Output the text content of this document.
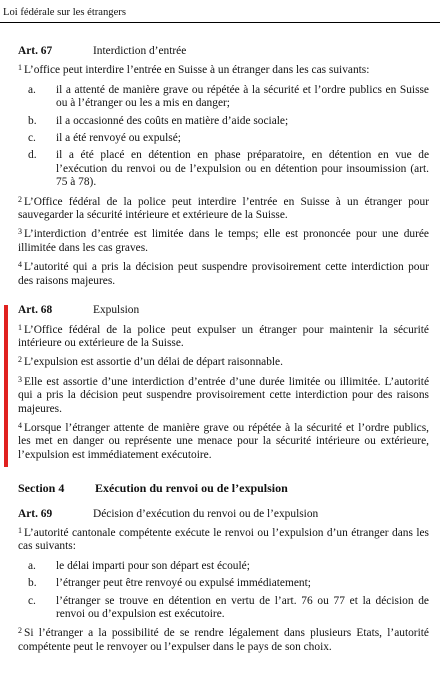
Loi fédérale sur les étrangers
Art. 67	Interdiction d’entrée
$^1$ L’office peut interdire l’entrée en Suisse à un étranger dans les cas suivants:
a.	il a attenté de manière grave ou répétée à la sécurité et l’ordre publics en Suisse ou à l’étranger ou les a mis en danger;
b.	il a occasionné des coûts en matière d’aide sociale;
c.	il a été renvoyé ou expulsé;
d.	il a été placé en détention en phase préparatoire, en détention en vue de l’exécution du renvoi ou de l’expulsion ou en détention pour insoumission (art. 75 à 78).
$^2$ L’Office fédéral de la police peut interdire l’entrée en Suisse à un étranger pour sauvegarder la sécurité intérieure et extérieure de la Suisse.
$^3$ L’interdiction d’entrée est limitée dans le temps; elle est prononcée pour une durée illimitée dans les cas graves.
$^4$ L’autorité qui a pris la décision peut suspendre provisoirement cette interdiction pour des raisons majeures.
Art. 68	Expulsion
$^1$ L’Office fédéral de la police peut expulser un étranger pour maintenir la sécurité intérieure ou extérieure de la Suisse.
$^2$ L’expulsion est assortie d’un délai de départ raisonnable.
$^3$ Elle est assortie d’une interdiction d’entrée d’une durée limitée ou illimitée. L’autorité qui a pris la décision peut suspendre provisoirement cette interdiction pour des raisons majeures.
$^4$ Lorsque l’étranger attente de manière grave ou répétée à la sécurité et l’ordre publics, les met en danger ou représente une menace pour la sécurité intérieure ou extérieure, l’expulsion est immédiatement exécutoire.
Section 4	Exécution du renvoi ou de l’expulsion
Art. 69	Décision d’exécution du renvoi ou de l’expulsion
$^1$ L’autorité cantonale compétente exécute le renvoi ou l’expulsion d’un étranger dans les cas suivants:
a.	le délai imparti pour son départ est écoulé;
b.	l’étranger peut être renvoyé ou expulsé immédiatement;
c.	l’étranger se trouve en détention en vertu de l’art. 76 ou 77 et la décision de renvoi ou d’expulsion est exécutoire.
$^2$ Si l’étranger a la possibilité de se rendre légalement dans plusieurs Etats, l’autorité compétente peut le renvoyer ou l’expulser dans le pays de son choix.
